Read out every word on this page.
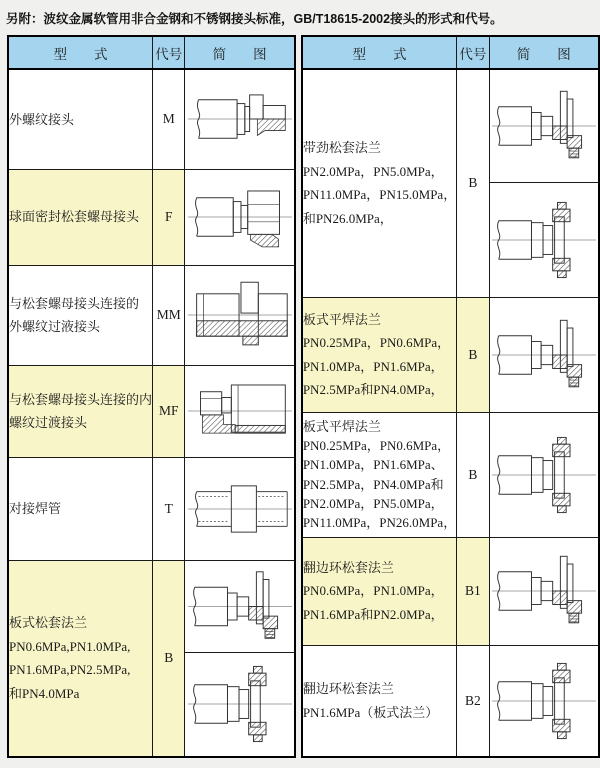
另附：波纹金属软管用非合金钢和不锈钢接头标准，GB/T18615-2002接头的形式和代号。
型　　式	代号	简　　图

外螺纹接头	M	

球面密封松套螺母接头	F	

与松套螺母接头连接的
外螺纹过液接头	MM	

与松套螺母接头连接的内
螺纹过渡接头	MF	

对接焊管	T	

板式松套法兰
PN0.6MPa,PN1.0MPa,
PN1.6MPa,PN2.5MPa,
和PN4.0MPa	B	
型　　式	代号	简　　图

带劲松套法兰
PN2.0MPa，PN5.0MPa，
PN11.0MPa，PN15.0MPa，
和PN26.0MPa，	B	

板式平焊法兰
PN0.25MPa，PN0.6MPa，
PN1.0MPa，PN1.6MPa，
PN2.5MPa和PN4.0MPa，	B	

板式平焊法兰
PN0.25MPa，PN0.6MPa，
PN1.0MPa，PN1.6MPa、
PN2.5MPa，PN4.0MPa和
PN2.0MPa，PN5.0MPa，
PN11.0MPa，PN26.0MPa，
	B	

翻边环松套法兰
PN0.6MPa，PN1.0MPa，
PN1.6MPa和PN2.0MPa，	B1	

翻边环松套法兰
PN1.6MPa（板式法兰）	B2	
